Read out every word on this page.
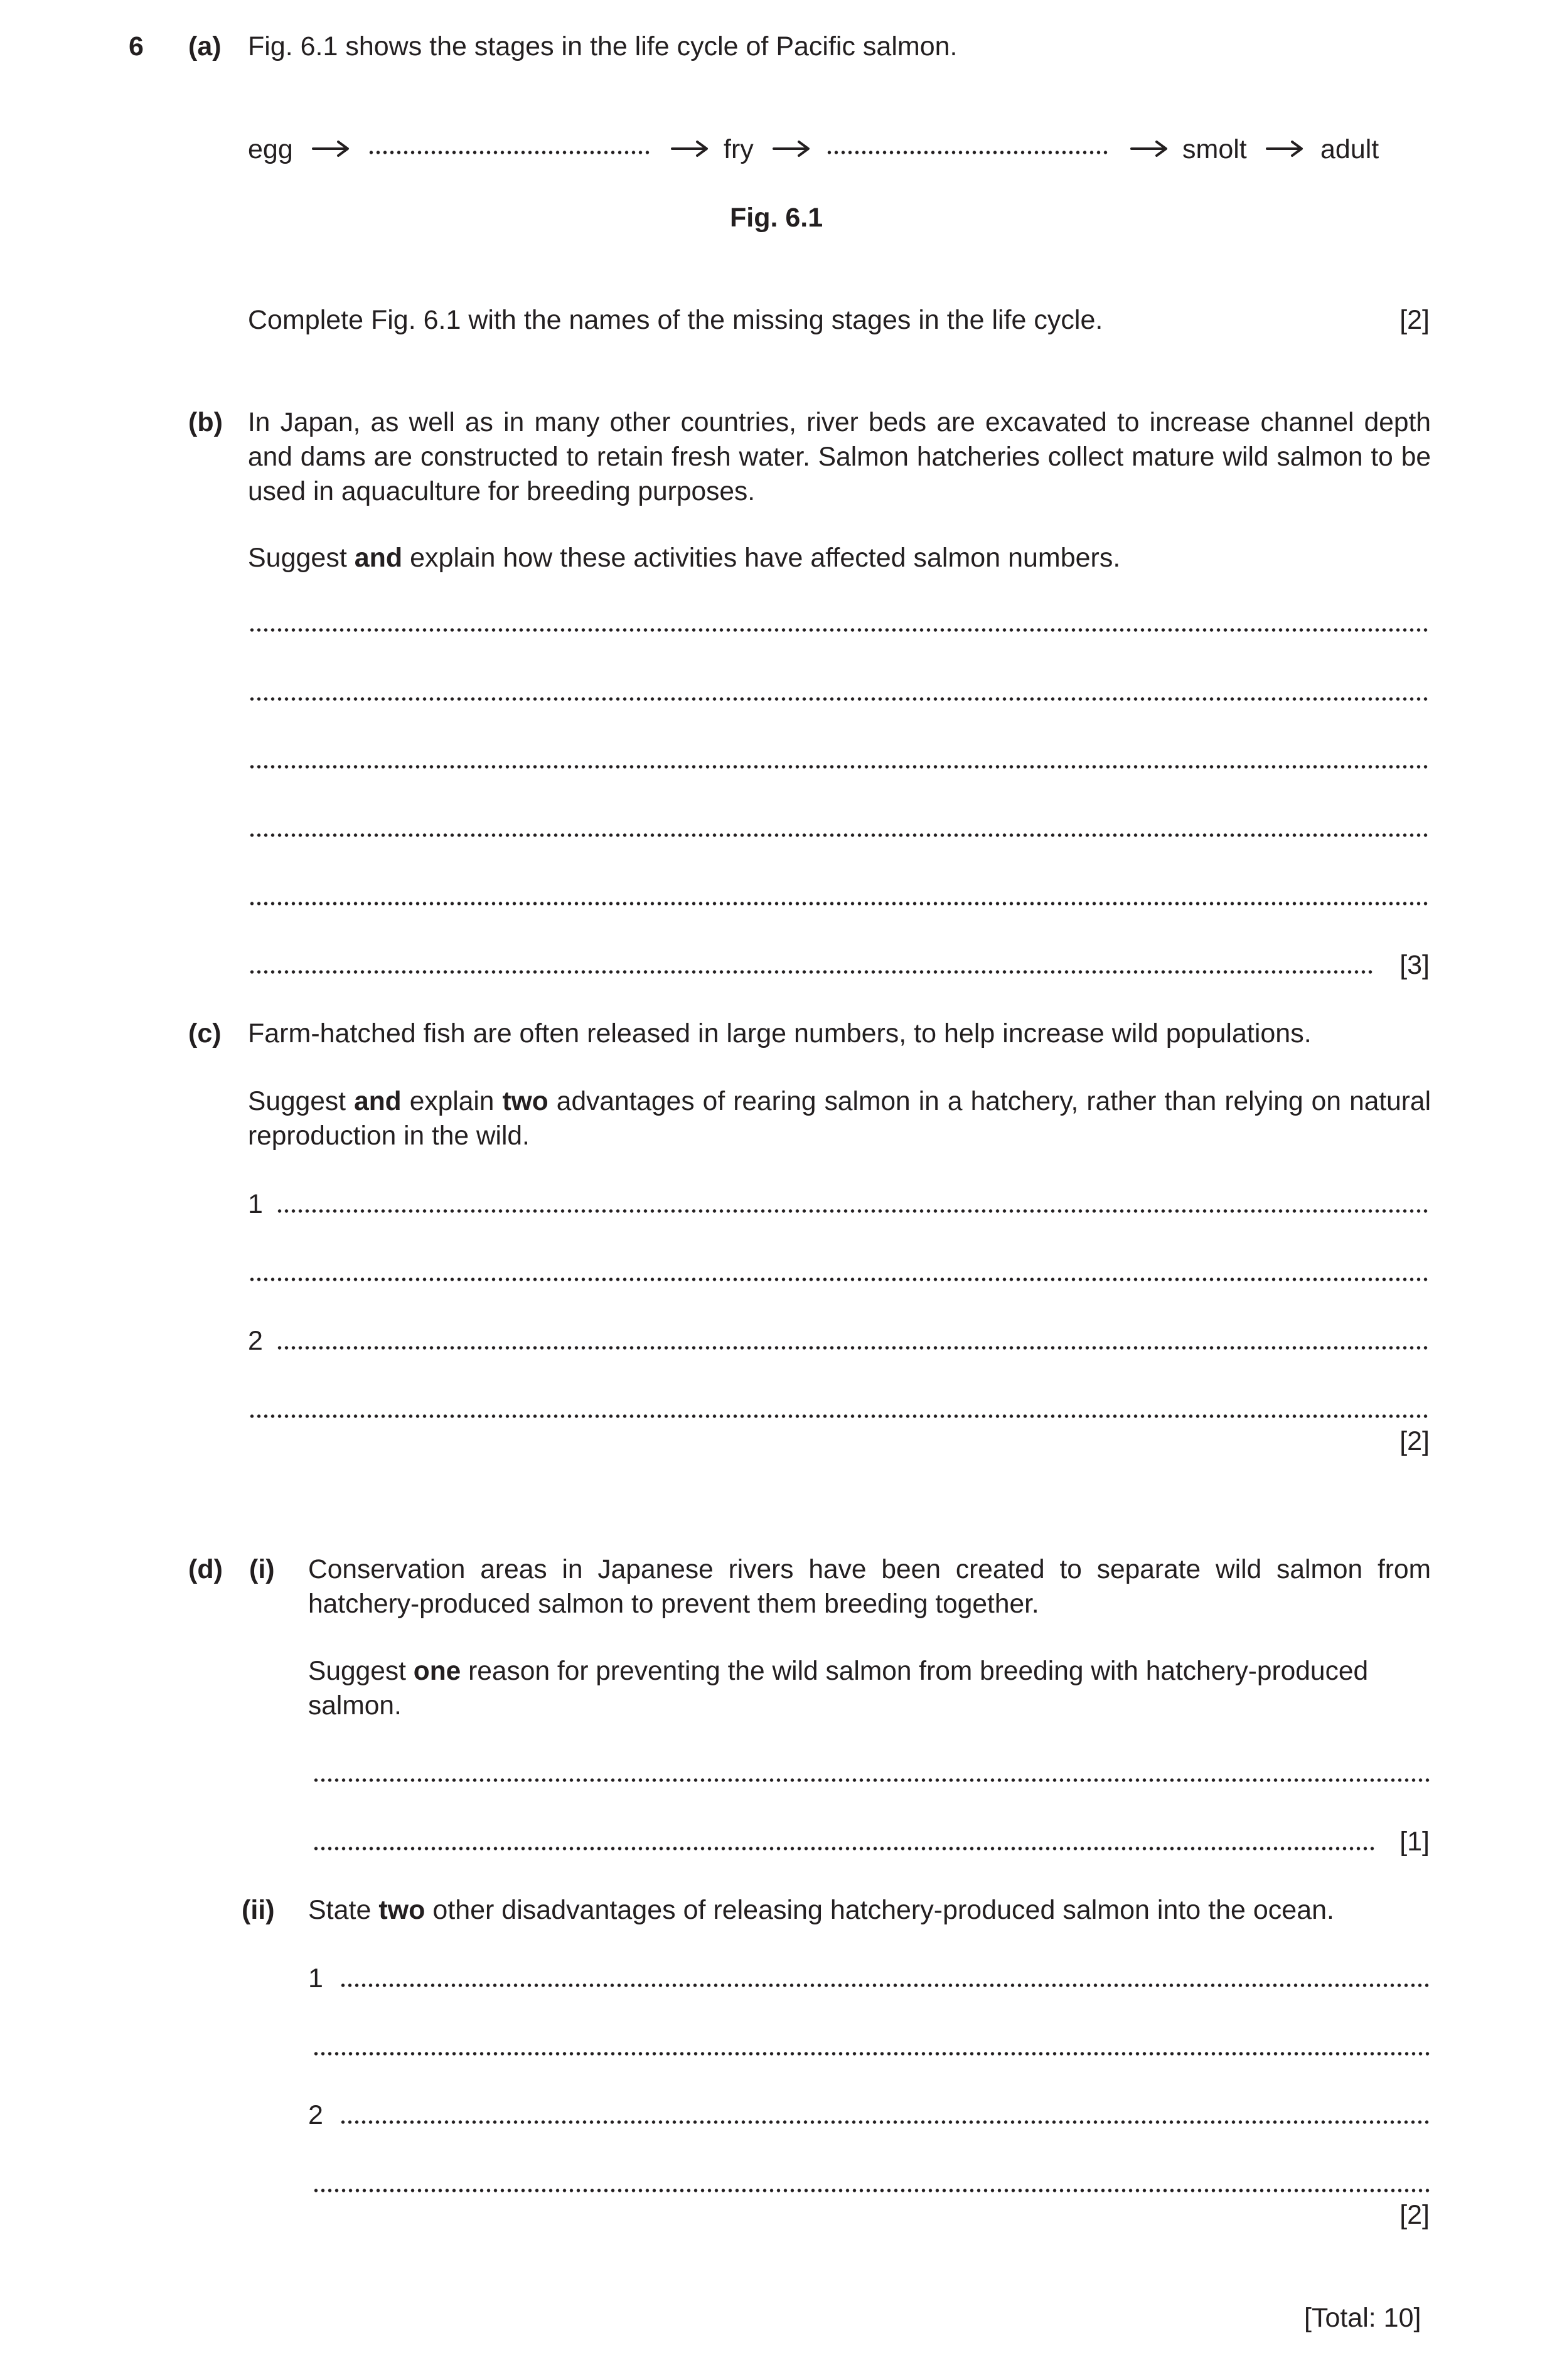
6 (a) Fig. 6.1 shows the stages in the life cycle of Pacific salmon.
egg	fry	smolt	adult
Fig. 6.1
Complete Fig. 6.1 with the names of the missing stages in the life cycle.	[2]
(b) In Japan, as well as in many other countries, river beds are excavated to increase channel depth and dams are constructed to retain fresh water. Salmon hatcheries collect mature wild salmon to be used in aquaculture for breeding purposes.
Suggest and explain how these activities have affected salmon numbers.
[3]
(c) Farm-hatched fish are often released in large numbers, to help increase wild populations.
Suggest and explain two advantages of rearing salmon in a hatchery, rather than relying on natural reproduction in the wild.
1
2
[2]
(d) (i) Conservation areas in Japanese rivers have been created to separate wild salmon from hatchery-produced salmon to prevent them breeding together.
Suggest one reason for preventing the wild salmon from breeding with hatchery-produced salmon.
[1]
(ii) State two other disadvantages of releasing hatchery-produced salmon into the ocean.
1
2
[2]
[Total: 10]
